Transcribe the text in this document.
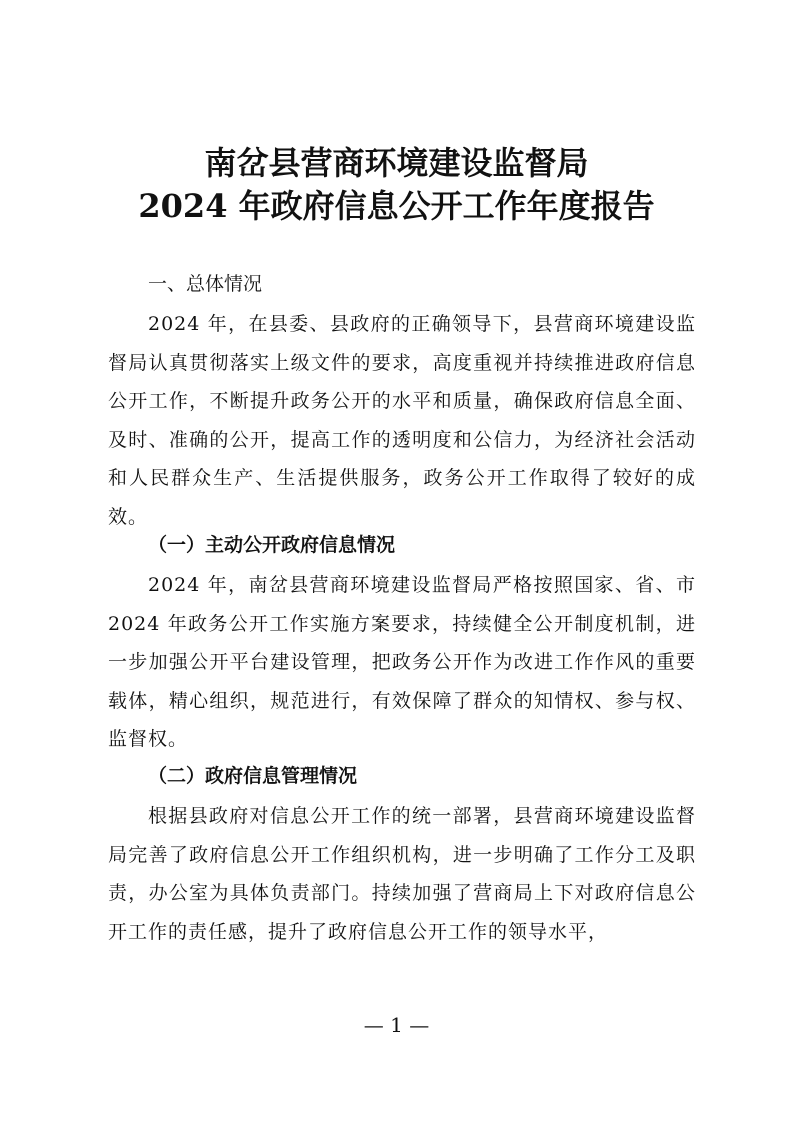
南岔县营商环境建设监督局
2024 年政府信息公开工作年度报告
一、总体情况

2024 年，在县委、县政府的正确领导下，县营商环境建设监督局认真贯彻落实上级文件的要求，高度重视并持续推进政府信息公开工作，不断提升政务公开的水平和质量，确保政府信息全面、及时、准确的公开，提高工作的透明度和公信力，为经济社会活动和人民群众生产、生活提供服务，政务公开工作取得了较好的成效。

（一）主动公开政府信息情况

2024 年，南岔县营商环境建设监督局严格按照国家、省、市 2024 年政务公开工作实施方案要求，持续健全公开制度机制，进一步加强公开平台建设管理，把政务公开作为改进工作作风的重要载体，精心组织，规范进行，有效保障了群众的知情权、参与权、监督权。

（二）政府信息管理情况

根据县政府对信息公开工作的统一部署，县营商环境建设监督局完善了政府信息公开工作组织机构，进一步明确了工作分工及职责，办公室为具体负责部门。持续加强了营商局上下对政府信息公开工作的责任感，提升了政府信息公开工作的领导水平，

— 1 —
